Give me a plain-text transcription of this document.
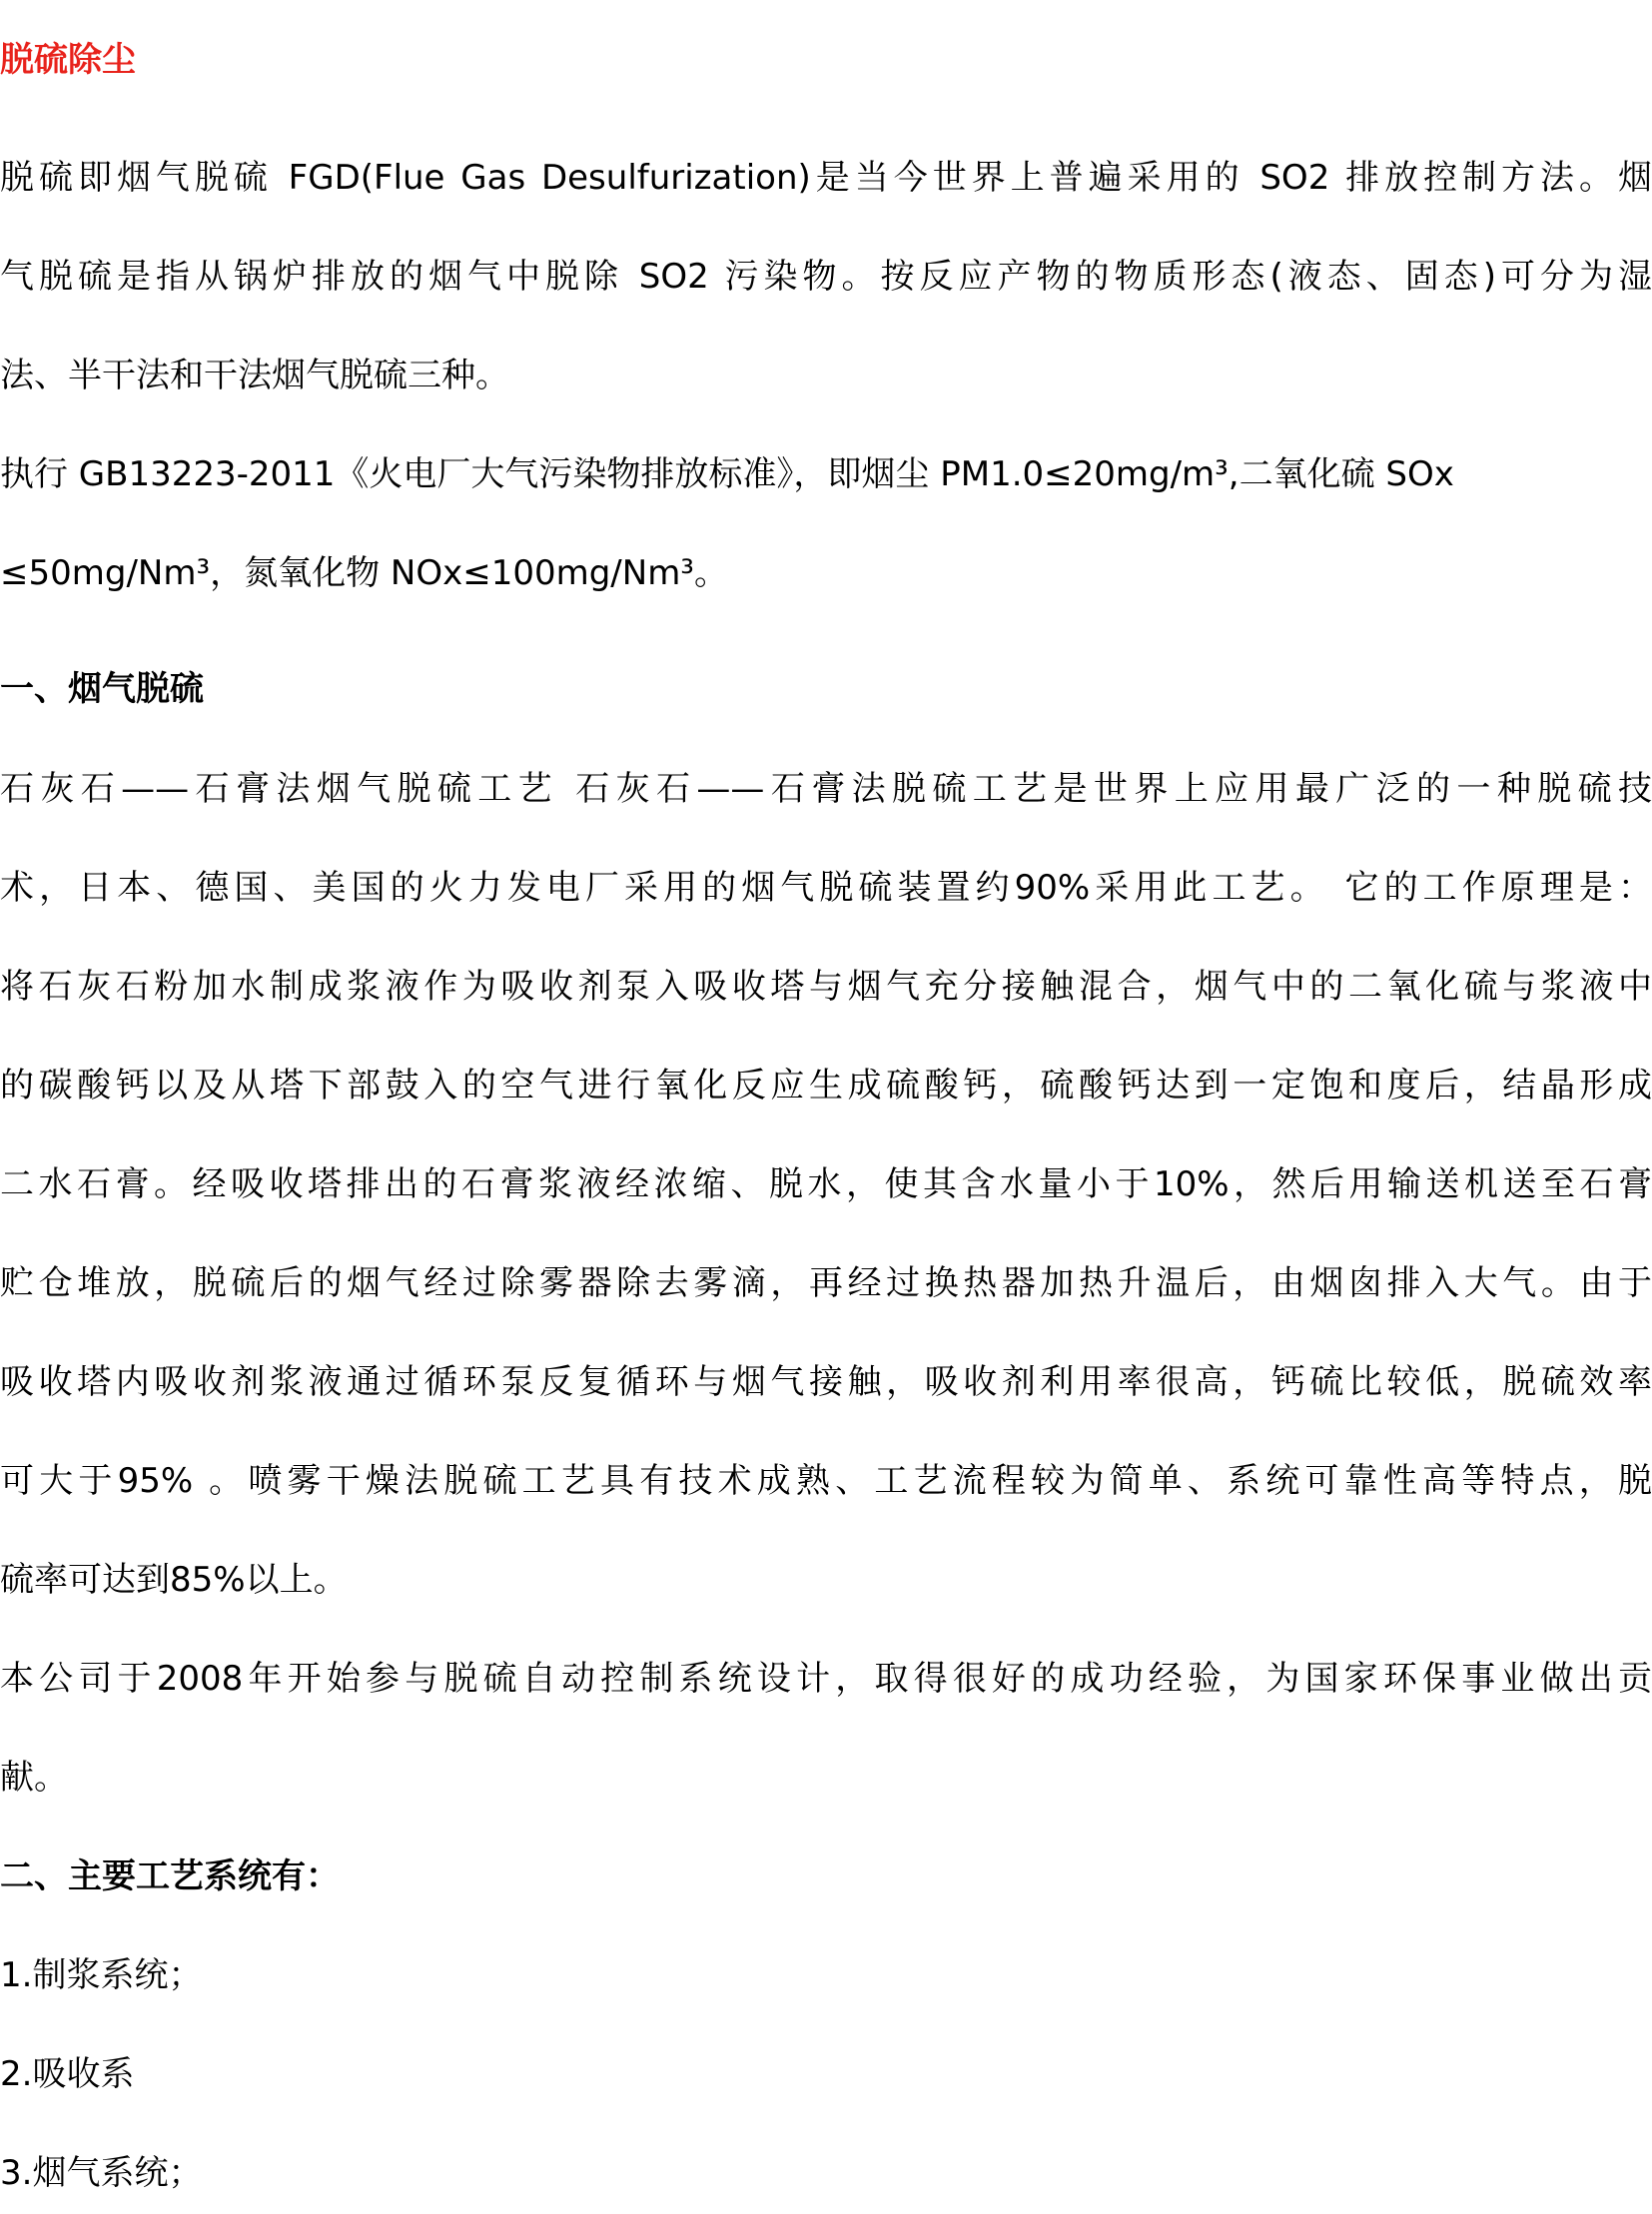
脱硫除尘
脱硫即烟气脱硫 FGD(Flue Gas Desulfurization)是当今世界上普遍采用的 SO2 排放控制方法。烟
气脱硫是指从锅炉排放的烟气中脱除 SO2 污染物。按反应产物的物质形态(液态、固态)可分为湿
法、半干法和干法烟气脱硫三种。
执行 GB13223-2011《火电厂大气污染物排放标准》，即烟尘 PM1.0≤20mg/m³,二氧化硫 SOx
≤50mg/Nm³，氮氧化物 NOx≤100mg/Nm³。
一、烟气脱硫
石灰石——石膏法烟气脱硫工艺 石灰石——石膏法脱硫工艺是世界上应用最广泛的一种脱硫技
术，日本、德国、美国的火力发电厂采用的烟气脱硫装置约90%采用此工艺。 它的工作原理是：
将石灰石粉加水制成浆液作为吸收剂泵入吸收塔与烟气充分接触混合，烟气中的二氧化硫与浆液中
的碳酸钙以及从塔下部鼓入的空气进行氧化反应生成硫酸钙，硫酸钙达到一定饱和度后，结晶形成
二水石膏。经吸收塔排出的石膏浆液经浓缩、脱水，使其含水量小于10%，然后用输送机送至石膏
贮仓堆放，脱硫后的烟气经过除雾器除去雾滴，再经过换热器加热升温后，由烟囱排入大气。由于
吸收塔内吸收剂浆液通过循环泵反复循环与烟气接触，吸收剂利用率很高，钙硫比较低，脱硫效率
可大于95% 。喷雾干燥法脱硫工艺具有技术成熟、工艺流程较为简单、系统可靠性高等特点，脱
硫率可达到85%以上。
本公司于2008年开始参与脱硫自动控制系统设计，取得很好的成功经验，为国家环保事业做出贡
献。
二、主要工艺系统有：
1.制浆系统；
2.吸收系
3.烟气系统；
